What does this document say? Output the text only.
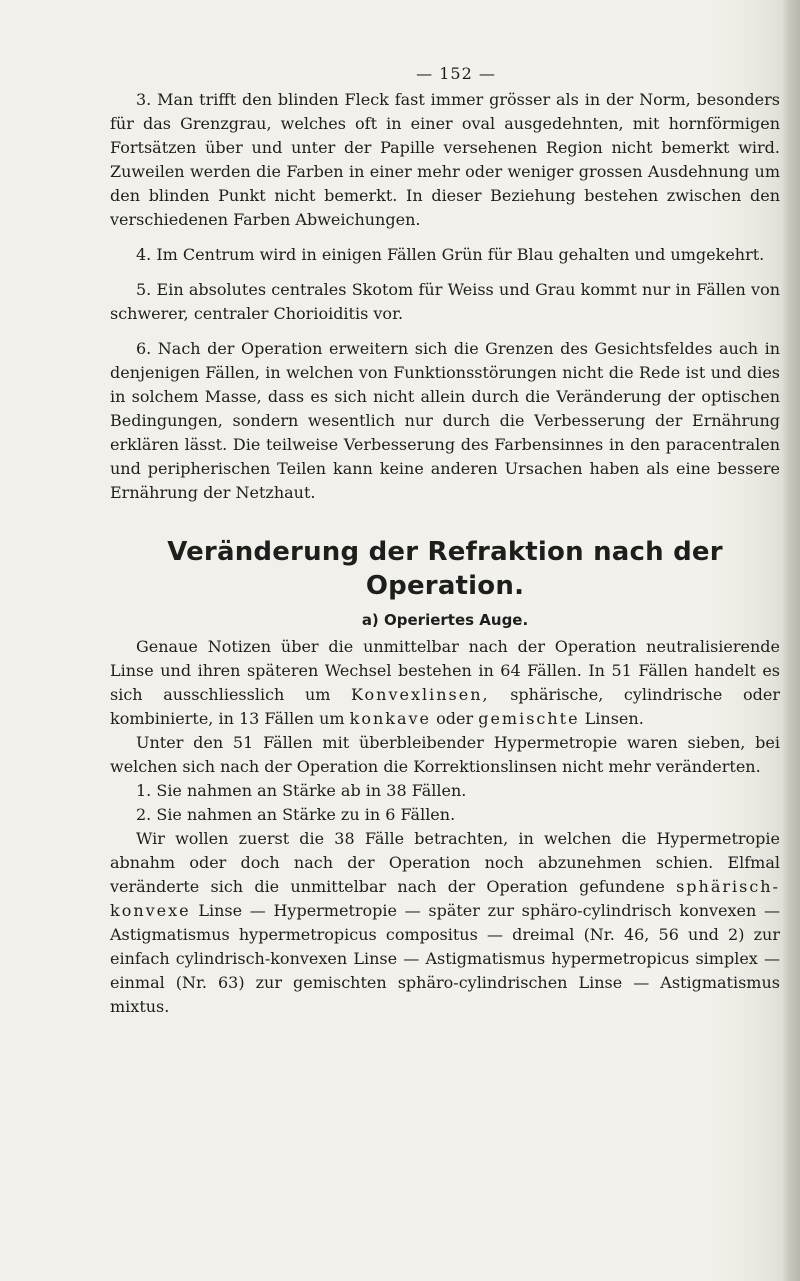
— 152 —

3. Man trifft den blinden Fleck fast immer grösser als in der Norm, besonders für das Grenzgrau, welches oft in einer oval ausgedehnten, mit hornförmigen Fortsätzen über und unter der Papille versehenen Region nicht bemerkt wird. Zuweilen werden die Farben in einer mehr oder weniger grossen Ausdehnung um den blinden Punkt nicht bemerkt. In dieser Beziehung bestehen zwischen den verschiedenen Farben Abweichungen.

4. Im Centrum wird in einigen Fällen Grün für Blau gehalten und umgekehrt.

5. Ein absolutes centrales Skotom für Weiss und Grau kommt nur in Fällen von schwerer, centraler Chorioiditis vor.

6. Nach der Operation erweitern sich die Grenzen des Gesichtsfeldes auch in denjenigen Fällen, in welchen von Funktionsstörungen nicht die Rede ist und dies in solchem Masse, dass es sich nicht allein durch die Veränderung der optischen Bedingungen, sondern wesentlich nur durch die Verbesserung der Ernährung erklären lässt. Die teilweise Verbesserung des Farbensinnes in den paracentralen und peripherischen Teilen kann keine anderen Ursachen haben als eine bessere Ernährung der Netzhaut.

Veränderung der Refraktion nach der Operation.
a) Operiertes Auge.

Genaue Notizen über die unmittelbar nach der Operation neutralisierende Linse und ihren späteren Wechsel bestehen in 64 Fällen. In 51 Fällen handelt es sich ausschliesslich um Konvexlinsen, sphärische, cylindrische oder kombinierte, in 13 Fällen um konkave oder gemischte Linsen.

Unter den 51 Fällen mit überbleibender Hypermetropie waren sieben, bei welchen sich nach der Operation die Korrektionslinsen nicht mehr veränderten.

1. Sie nahmen an Stärke ab in 38 Fällen.

2. Sie nahmen an Stärke zu in 6 Fällen.

Wir wollen zuerst die 38 Fälle betrachten, in welchen die Hypermetropie abnahm oder doch nach der Operation noch abzunehmen schien. Elfmal veränderte sich die unmittelbar nach der Operation gefundene sphärisch-konvexe Linse — Hypermetropie — später zur sphäro-cylindrisch konvexen — Astigmatismus hypermetropicus compositus — dreimal (Nr. 46, 56 und 2) zur einfach cylindrisch-konvexen Linse — Astigmatismus hypermetropicus simplex — einmal (Nr. 63) zur gemischten sphäro-cylindrischen Linse — Astigmatismus mixtus.
